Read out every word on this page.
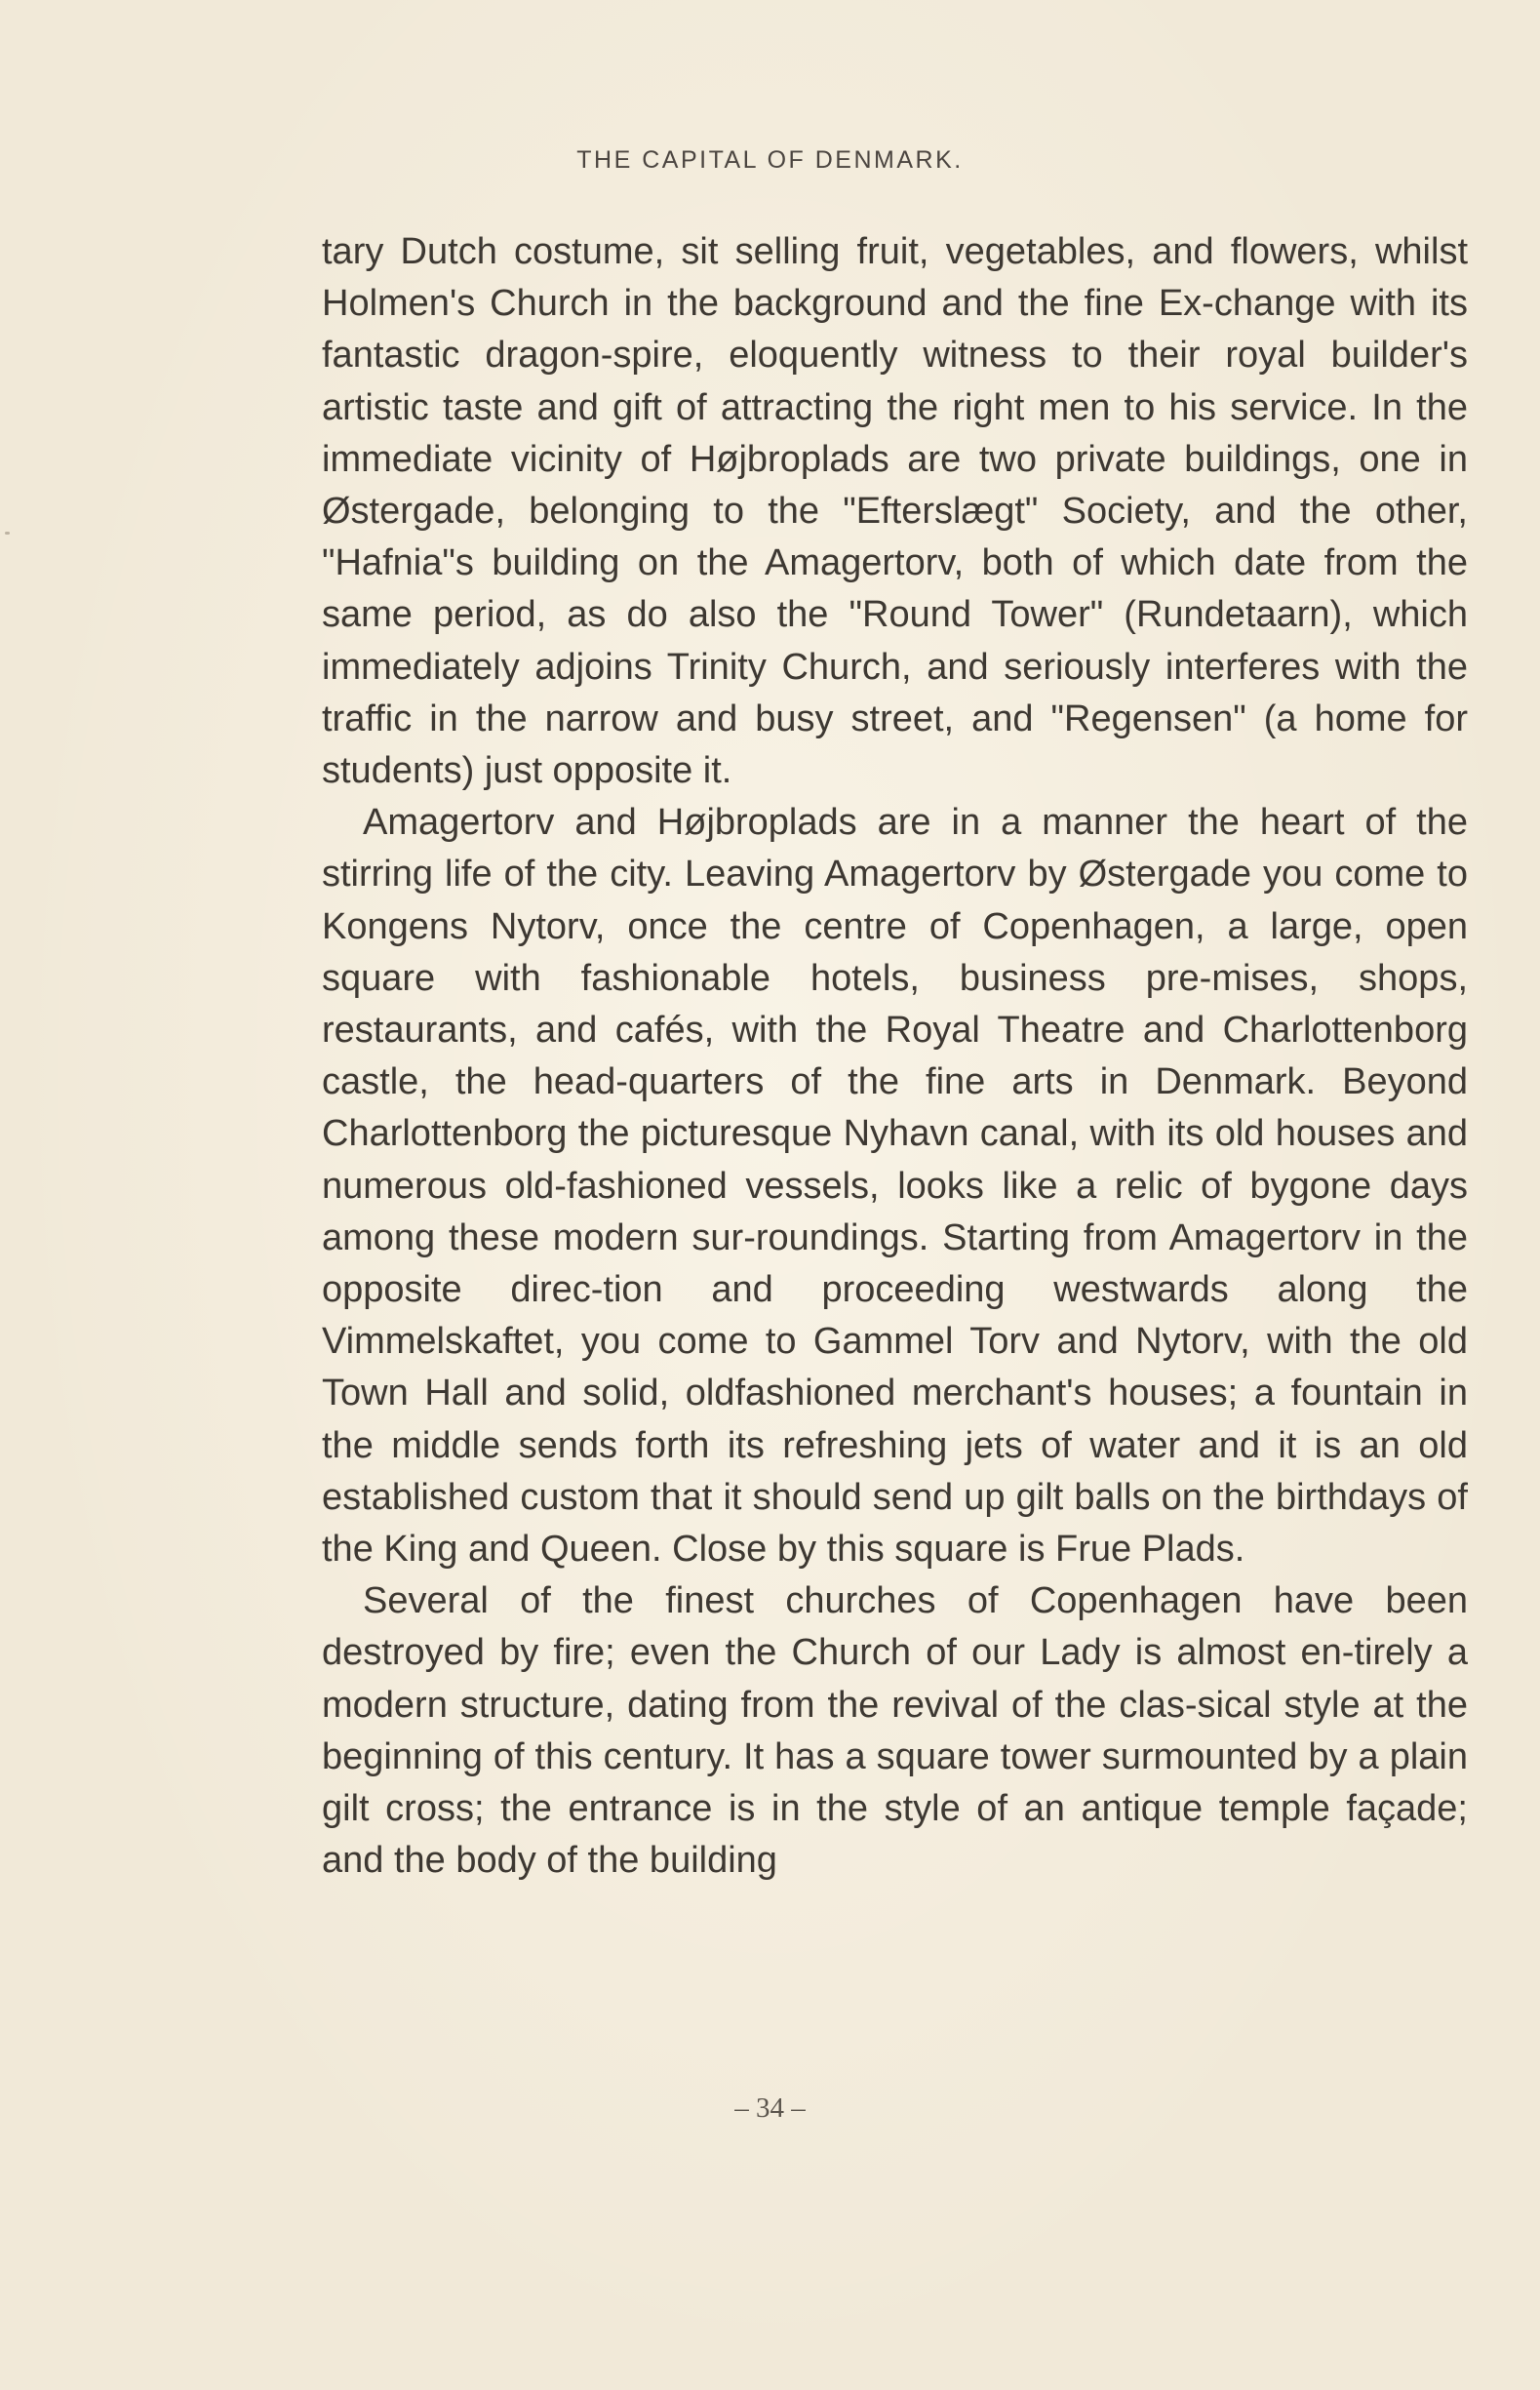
THE CAPITAL OF DENMARK.

tary Dutch costume, sit selling fruit, vegetables, and flowers, whilst Holmen's Church in the background and the fine Ex-change with its fantastic dragon-spire, eloquently witness to their royal builder's artistic taste and gift of attracting the right men to his service. In the immediate vicinity of Højbroplads are two private buildings, one in Østergade, belonging to the "Efterslægt" Society, and the other, "Hafnia"s building on the Amagertorv, both of which date from the same period, as do also the "Round Tower" (Rundetaarn), which immediately adjoins Trinity Church, and seriously interferes with the traffic in the narrow and busy street, and "Regensen" (a home for students) just opposite it.

Amagertorv and Højbroplads are in a manner the heart of the stirring life of the city. Leaving Amagertorv by Østergade you come to Kongens Nytorv, once the centre of Copenhagen, a large, open square with fashionable hotels, business pre-mises, shops, restaurants, and cafés, with the Royal Theatre and Charlottenborg castle, the head-quarters of the fine arts in Denmark. Beyond Charlottenborg the picturesque Nyhavn canal, with its old houses and numerous old-fashioned vessels, looks like a relic of bygone days among these modern sur-roundings. Starting from Amagertorv in the opposite direc-tion and proceeding westwards along the Vimmelskaftet, you come to Gammel Torv and Nytorv, with the old Town Hall and solid, oldfashioned merchant's houses; a fountain in the middle sends forth its refreshing jets of water and it is an old established custom that it should send up gilt balls on the birthdays of the King and Queen. Close by this square is Frue Plads.

Several of the finest churches of Copenhagen have been destroyed by fire; even the Church of our Lady is almost en-tirely a modern structure, dating from the revival of the clas-sical style at the beginning of this century. It has a square tower surmounted by a plain gilt cross; the entrance is in the style of an antique temple façade; and the body of the building

– 34 –
